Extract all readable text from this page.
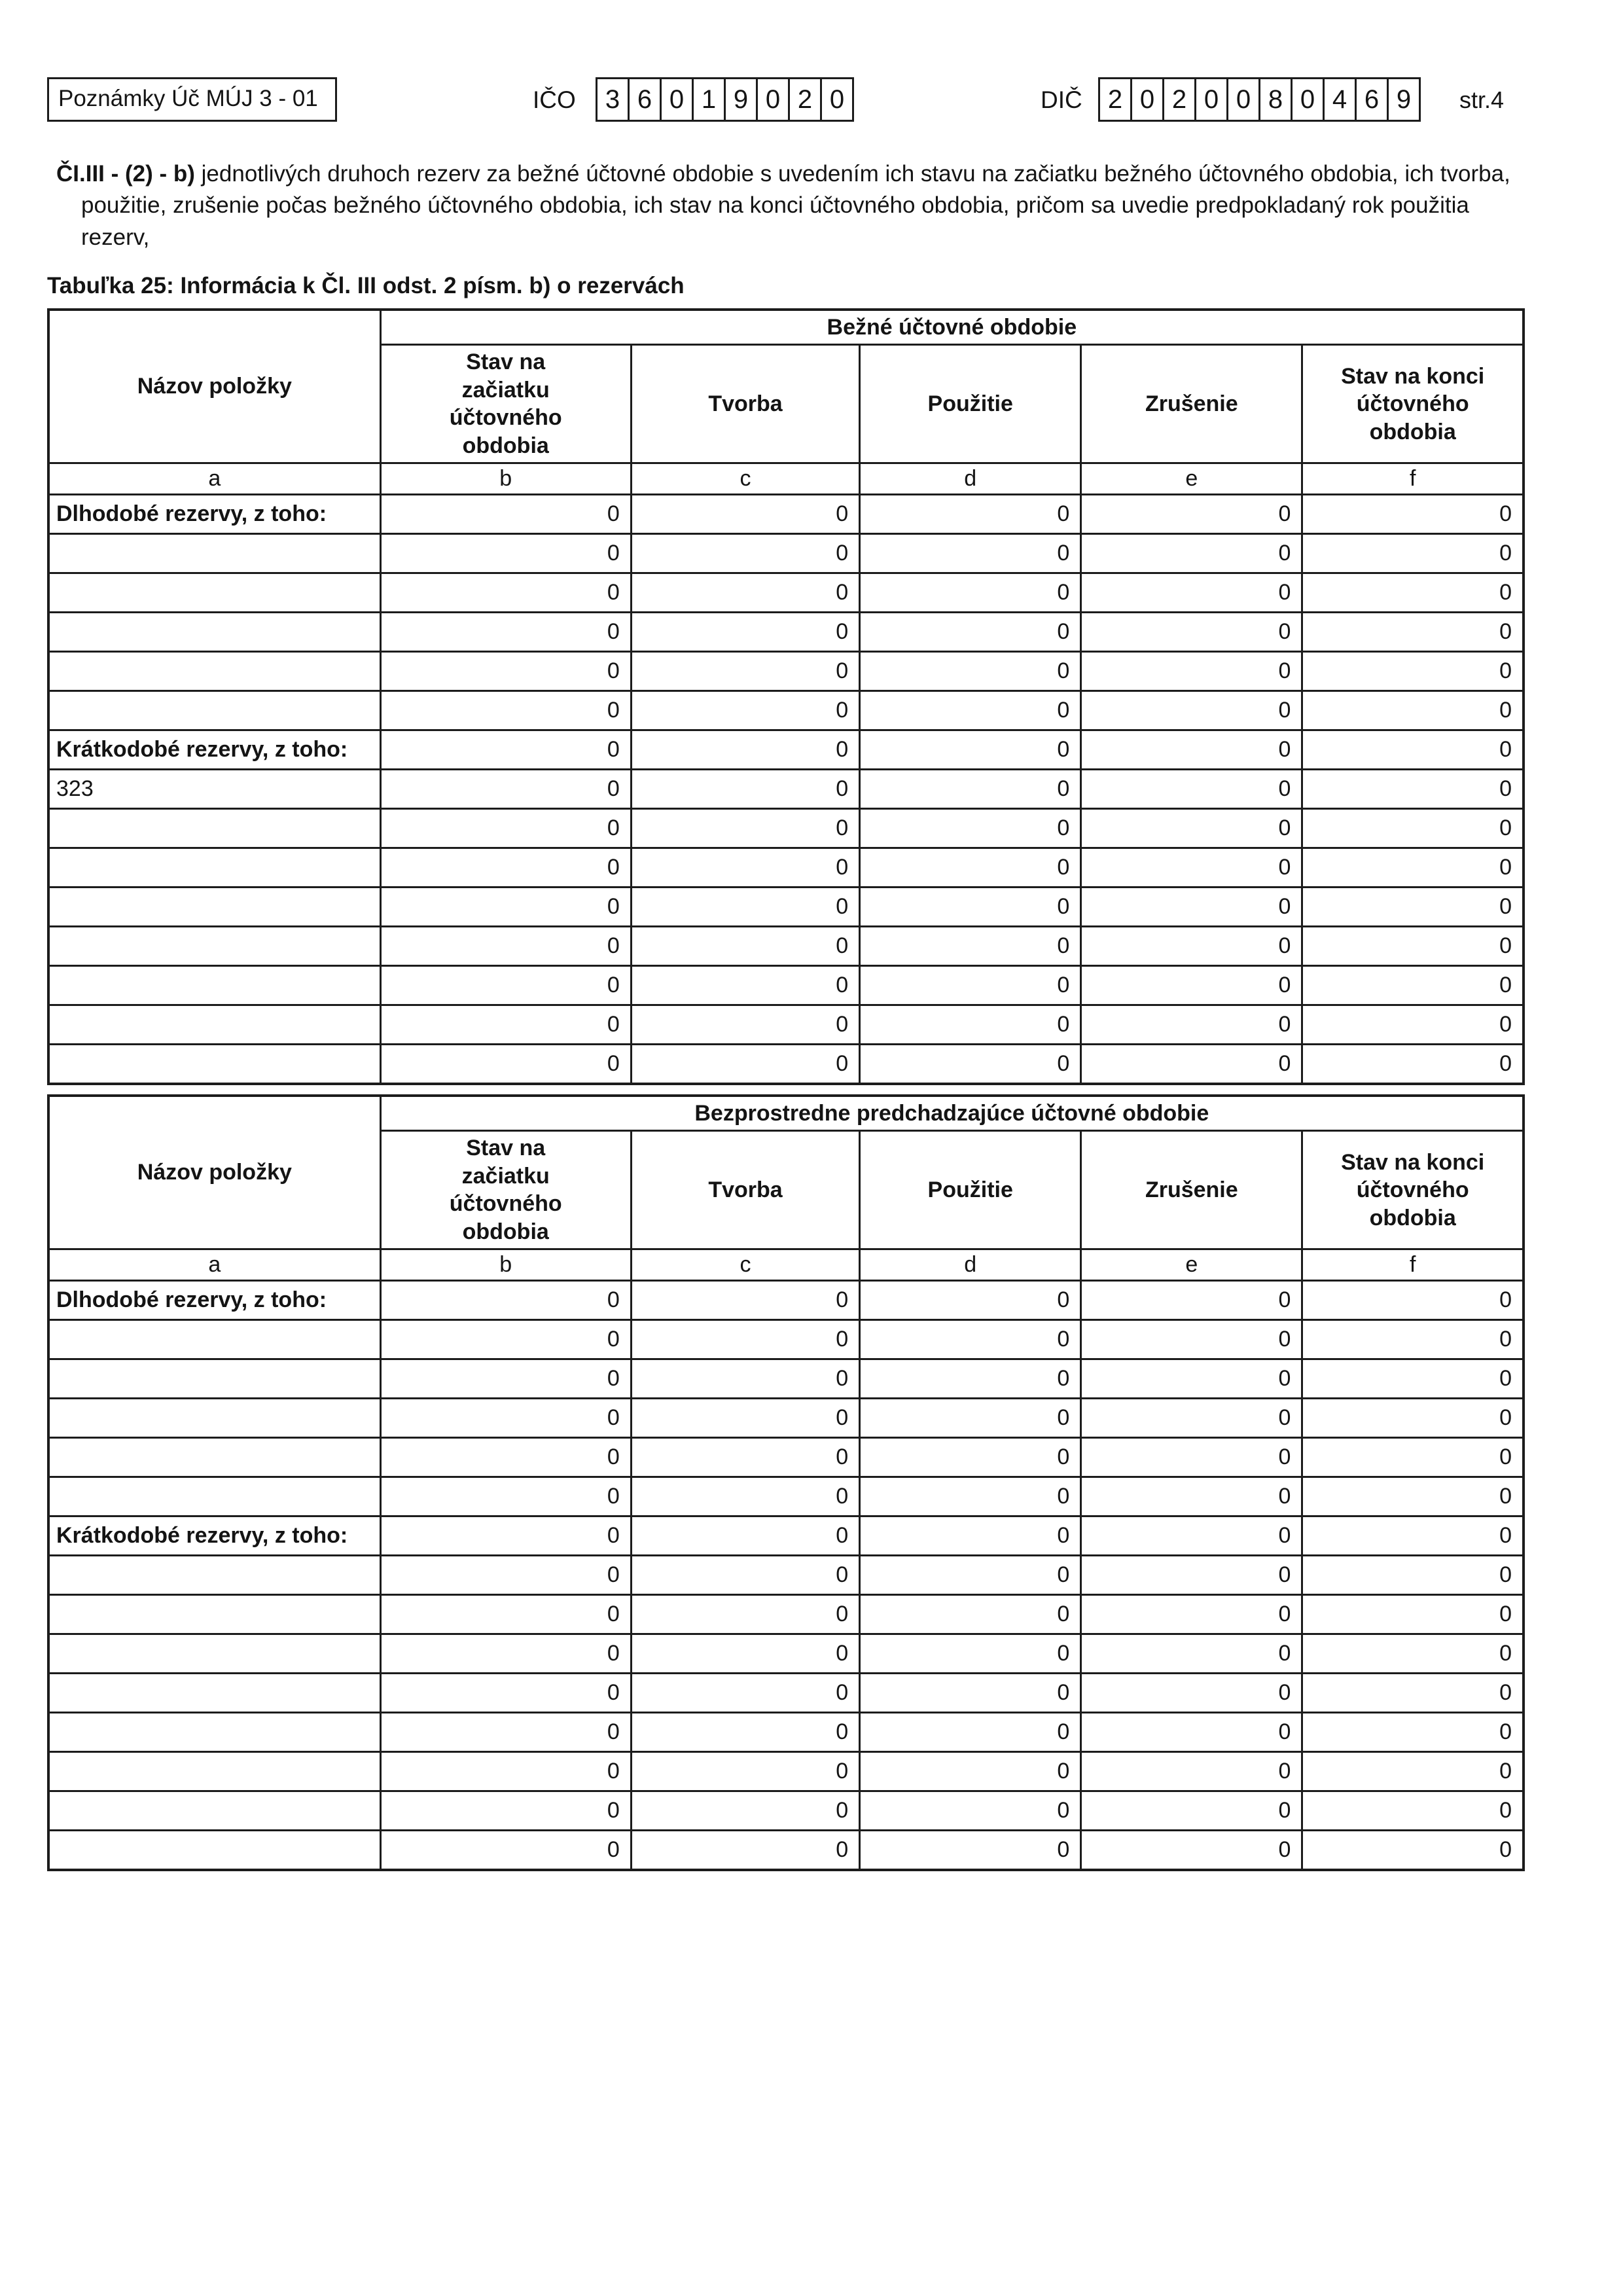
Poznámky Úč MÚJ 3 - 01	IČO	3 6 0 1 9 0 2 0	DIČ 2 0 2 0 0 8 0 4 6 9	str.4

ČI.III - (2) - b) jednotlivých druhoch rezerv za bežné účtovné obdobie s uvedením ich stavu na začiatku bežného účtovného obdobia, ich tvorba, použitie, zrušenie počas bežného účtovného obdobia, ich stav na konci účtovného obdobia, pričom sa uvedie predpokladaný rok použitia rezerv,

Tabuľka 25: Informácia k Čl. III odst. 2 písm. b) o rezervách
Názov položky	Bežné účtovné obdobie				
	Stav na začiatku účtovného obdobia	Tvorba	Použitie	Zrušenie	Stav na konci účtovného obdobia
a	b	c	d	e	f
Dlhodobé rezervy, z toho:	0	0	0	0	0
	0	0	0	0	0
	0	0	0	0	0
	0	0	0	0	0
	0	0	0	0	0
	0	0	0	0	0
Krátkodobé rezervy, z toho:	0	0	0	0	0
323	0	0	0	0	0
	0	0	0	0	0
	0	0	0	0	0
	0	0	0	0	0
	0	0	0	0	0
	0	0	0	0	0
	0	0	0	0	0
	0	0	0	0	0
Názov položky	Bezprostredne predchadzajúce účtovné obdobie				
	Stav na začiatku účtovného obdobia	Tvorba	Použitie	Zrušenie	Stav na konci účtovného obdobia
a	b	c	d	e	f
Dlhodobé rezervy, z toho:	0	0	0	0	0
	0	0	0	0	0
	0	0	0	0	0
	0	0	0	0	0
	0	0	0	0	0
	0	0	0	0	0
Krátkodobé rezervy, z toho:	0	0	0	0	0
	0	0	0	0	0
	0	0	0	0	0
	0	0	0	0	0
	0	0	0	0	0
	0	0	0	0	0
	0	0	0	0	0
	0	0	0	0	0
	0	0	0	0	0
